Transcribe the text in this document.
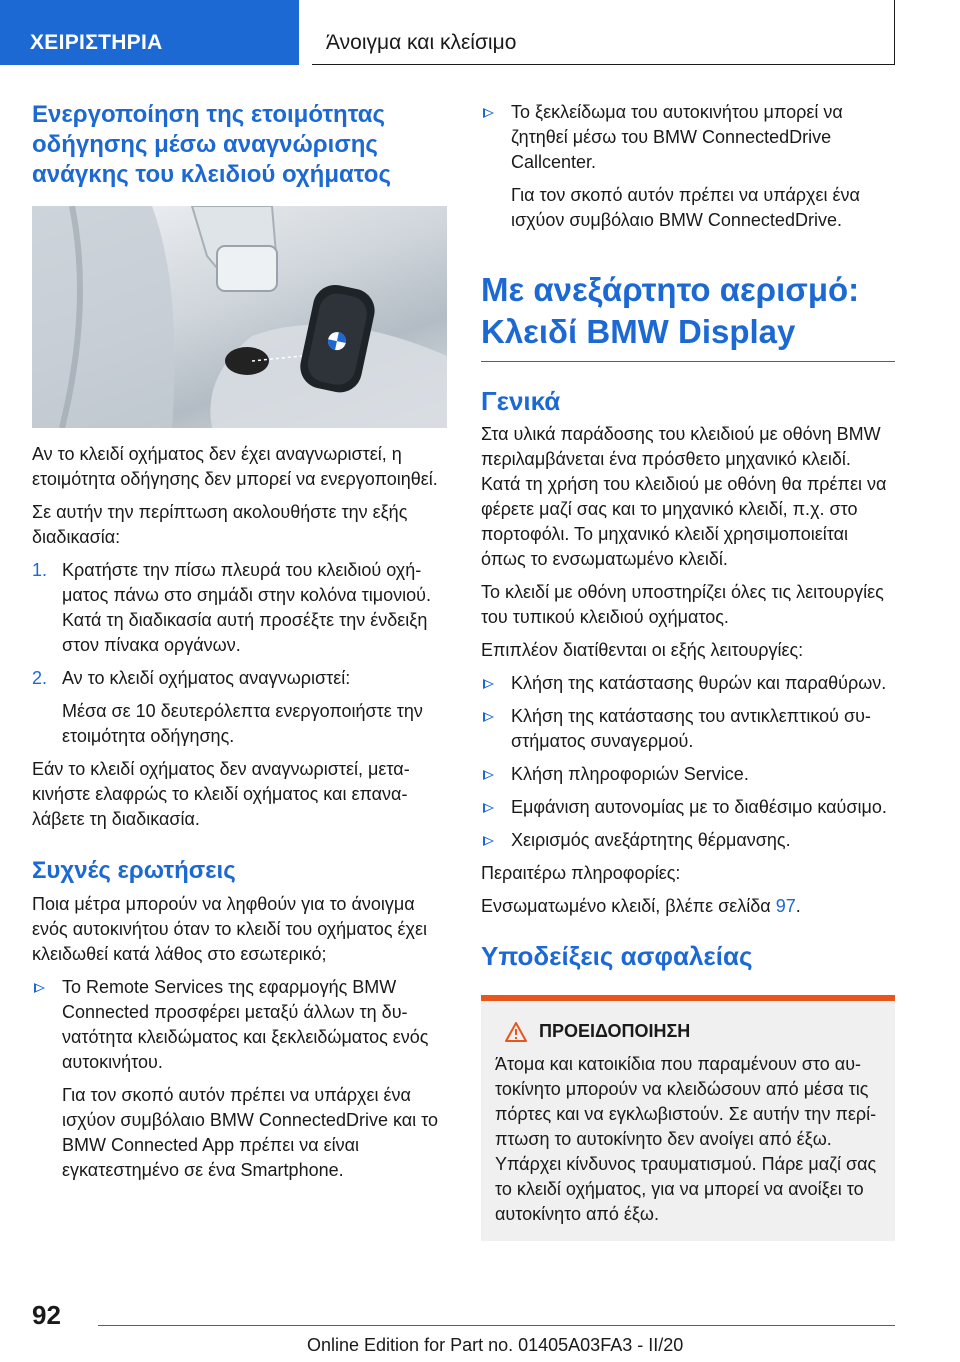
ΧΕΙΡΙΣΤΗΡΙΑ	Άνοιγμα και κλείσιμο
Ενεργοποίηση της ετοιμότητας οδήγησης μέσω αναγνώρισης ανάγκης του κλειδιού οχήματος

Αν το κλειδί οχήματος δεν έχει αναγνωριστεί, η ετοιμότητα οδήγησης δεν μπορεί να ενεργοποιηθεί.

Σε αυτήν την περίπτωση ακολουθήστε την εξής διαδικασία:

1. Κρατήστε την πίσω πλευρά του κλειδιού οχήματος πάνω στο σημάδι στην κολόνα τιμονιού. Κατά τη διαδικασία αυτή προσέξτε την ένδειξη στον πίνακα οργάνων.
2. Αν το κλειδί οχήματος αναγνωριστεί:
Μέσα σε 10 δευτερόλεπτα ενεργοποιήστε την ετοιμότητα οδήγησης.

Εάν το κλειδί οχήματος δεν αναγνωριστεί, μετακινήστε ελαφρώς το κλειδί οχήματος και επαναλάβετε τη διαδικασία.

Συχνές ερωτήσεις

Ποια μέτρα μπορούν να ληφθούν για το άνοιγμα ενός αυτοκινήτου όταν το κλειδί του οχήματος έχει κλειδωθεί κατά λάθος στο εσωτερικό;

Το Remote Services της εφαρμογής BMW Connected προσφέρει μεταξύ άλλων τη δυνατότητα κλειδώματος και ξεκλειδώματος ενός αυτοκινήτου.
Για τον σκοπό αυτόν πρέπει να υπάρχει ένα ισχύον συμβόλαιο BMW ConnectedDrive και το BMW Connected App πρέπει να είναι εγκατεστημένο σε ένα Smartphone.
Το ξεκλείδωμα του αυτοκινήτου μπορεί να ζητηθεί μέσω του BMW ConnectedDrive Callcenter.
Για τον σκοπό αυτόν πρέπει να υπάρχει ένα ισχύον συμβόλαιο BMW ConnectedDrive.
Με ανεξάρτητο αερισμό: Κλειδί BMW Display
Γενικά

Στα υλικά παράδοσης του κλειδιού με οθόνη BMW περιλαμβάνεται ένα πρόσθετο μηχανικό κλειδί. Κατά τη χρήση του κλειδιού με οθόνη θα πρέπει να φέρετε μαζί σας και το μηχανικό κλειδί, π.χ. στο πορτοφόλι. Το μηχανικό κλειδί χρησιμοποιείται όπως το ενσωματωμένο κλειδί.

Το κλειδί με οθόνη υποστηρίζει όλες τις λειτουργίες του τυπικού κλειδιού οχήματος.

Επιπλέον διατίθενται οι εξής λειτουργίες:

Κλήση της κατάστασης θυρών και παραθύρων.
Κλήση της κατάστασης του αντικλεπτικού συστήματος συναγερμού.
Κλήση πληροφοριών Service.
Εμφάνιση αυτονομίας με το διαθέσιμο καύσιμο.
Χειρισμός ανεξάρτητης θέρμανσης.

Περαιτέρω πληροφορίες:

Ενσωματωμένο κλειδί, βλέπε σελίδα 97.

Υποδείξεις ασφαλείας
ΠΡΟΕΙΔΟΠΟΙΗΣΗ

Άτομα και κατοικίδια που παραμένουν στο αυτοκίνητο μπορούν να κλειδώσουν από μέσα τις πόρτες και να εγκλωβιστούν. Σε αυτήν την περίπτωση το αυτοκίνητο δεν ανοίγει από έξω. Υπάρχει κίνδυνος τραυματισμού. Πάρε μαζί σας το κλειδί οχήματος, για να μπορεί να ανοίξει το αυτοκίνητο από έξω.

92
Online Edition for Part no. 01405A03FA3 - II/20
